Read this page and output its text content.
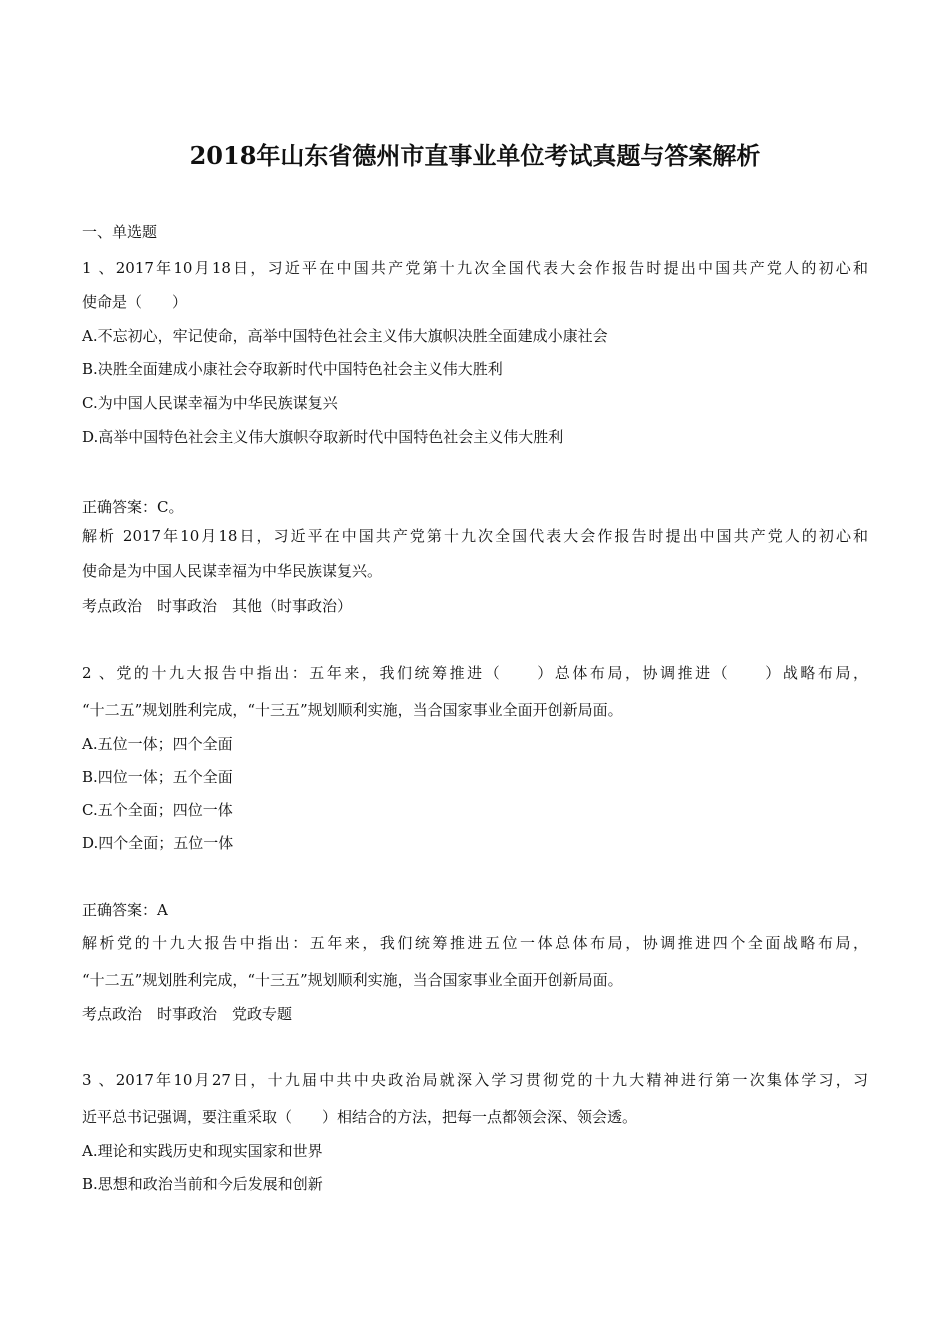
2018年山东省德州市直事业单位考试真题与答案解析
一、单选题
1 、2017年10月18日，习近平在中国共产党第十九次全国代表大会作报告时提出中国共产党人的初心和
使命是（　　）
A.不忘初心，牢记使命，高举中国特色社会主义伟大旗帜决胜全面建成小康社会
B.决胜全面建成小康社会夺取新时代中国特色社会主义伟大胜利
C.为中国人民谋幸福为中华民族谋复兴
D.高举中国特色社会主义伟大旗帜夺取新时代中国特色社会主义伟大胜利
正确答案：C。
解析 2017年10月18日，习近平在中国共产党第十九次全国代表大会作报告时提出中国共产党人的初心和
使命是为中国人民谋幸福为中华民族谋复兴。
考点政治　时事政治　其他（时事政治）
2 、党的十九大报告中指出：五年来，我们统筹推进（　　）总体布局，协调推进（　　）战略布局，
“十二五”规划胜利完成，“十三五”规划顺利实施，当合国家事业全面开创新局面。
A.五位一体；四个全面
B.四位一体；五个全面
C.五个全面；四位一体
D.四个全面；五位一体
正确答案：A
解析党的十九大报告中指出：五年来，我们统筹推进五位一体总体布局，协调推进四个全面战略布局，
“十二五”规划胜利完成，“十三五”规划顺利实施，当合国家事业全面开创新局面。
考点政治　时事政治　党政专题
3 、2017年10月27日，十九届中共中央政治局就深入学习贯彻党的十九大精神进行第一次集体学习，习
近平总书记强调，要注重采取（　　）相结合的方法，把每一点都领会深、领会透。
A.理论和实践历史和现实国家和世界
B.思想和政治当前和今后发展和创新
